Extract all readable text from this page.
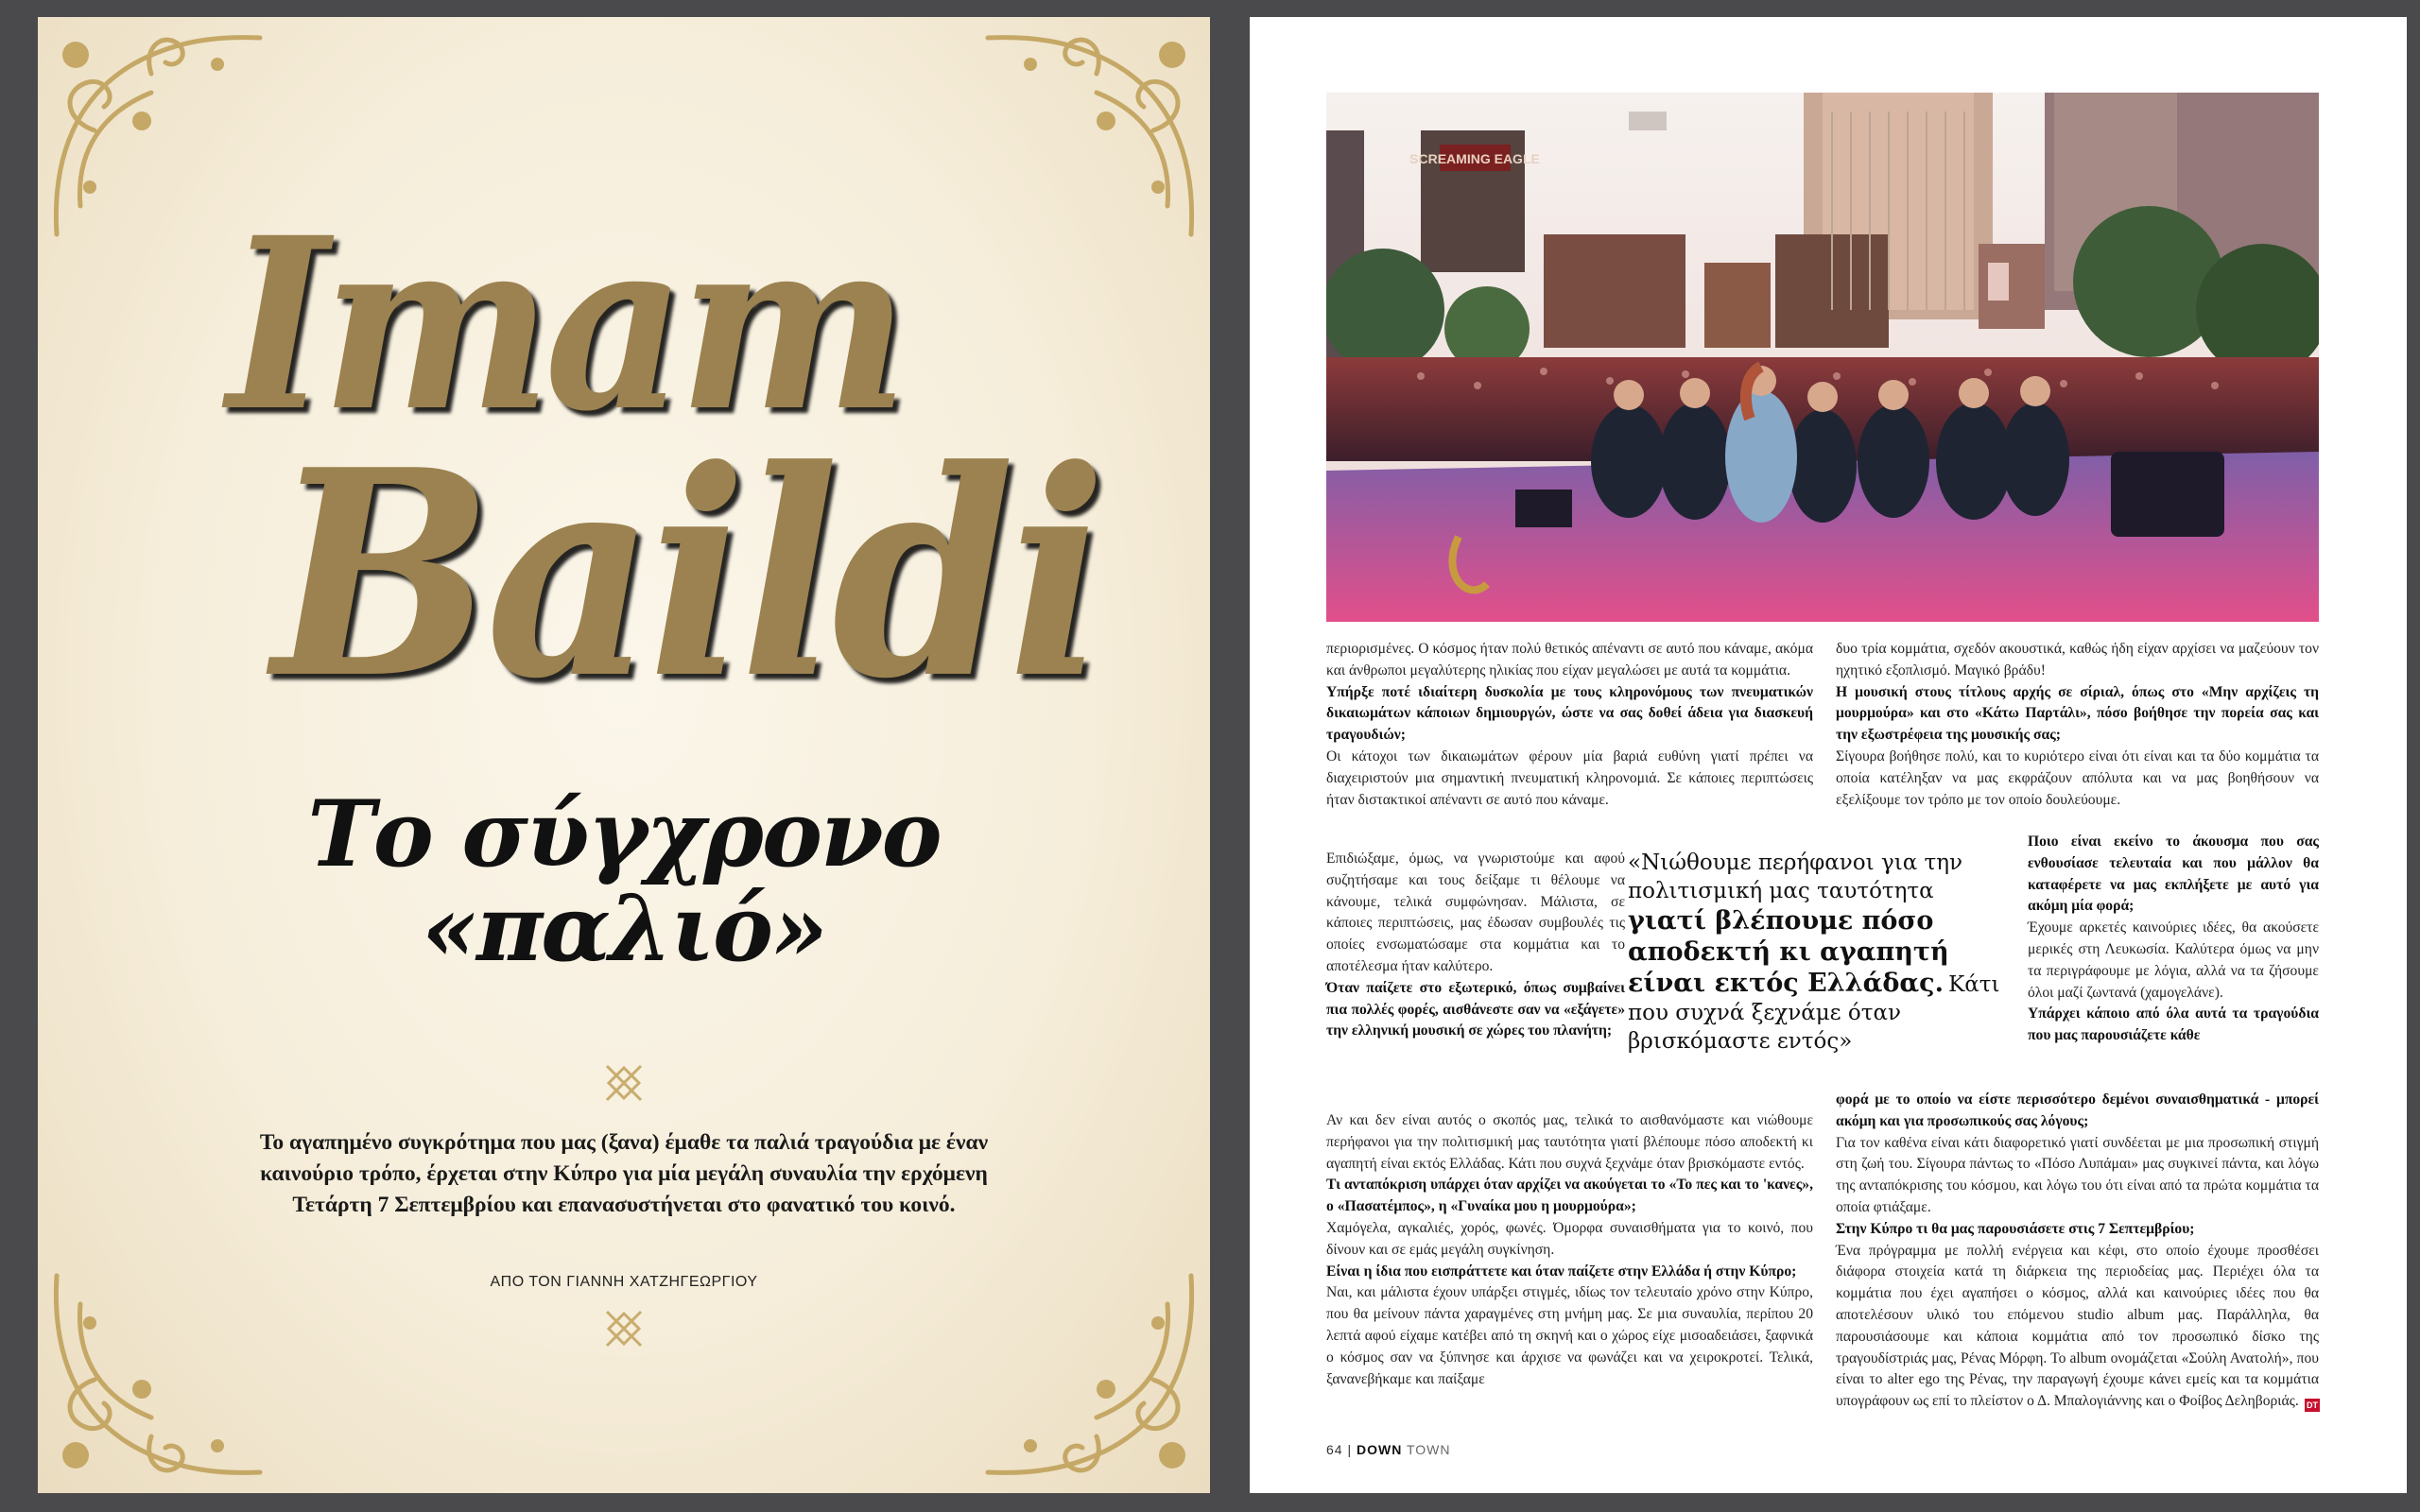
Imam
Baildi
Το σύγχρονο
«παλιό»
Το αγαπημένο συγκρότημα που μας (ξανα) έμαθε τα παλιά τραγούδια με έναν καινούριο τρόπο, έρχεται στην Κύπρο για μία μεγάλη συναυλία την ερχόμενη Τετάρτη 7 Σεπτεμβρίου και επανασυστήνεται στο φανατικό του κοινό.
ΑΠΟ ΤΟΝ ΓΙΑΝΝΗ ΧΑΤΖΗΓΕΩΡΓΙΟΥ
SCREAMING EAGLE

περιορισμένες. Ο κόσμος ήταν πολύ θετικός απέναντι σε αυτό που κάναμε, ακόμα και άνθρωποι μεγαλύτερης ηλικίας που είχαν μεγαλώσει με αυτά τα κομμάτια.

Υπήρξε ποτέ ιδιαίτερη δυσκολία με τους κληρονόμους των πνευματικών δικαιωμάτων κάποιων δημιουργών, ώστε να σας δοθεί άδεια για διασκευή τραγουδιών;

Οι κάτοχοι των δικαιωμάτων φέρουν μία βαριά ευθύνη γιατί πρέπει να διαχειριστούν μια σημαντική πνευματική κληρονομιά. Σε κάποιες περιπτώσεις ήταν διστακτικοί απέναντι σε αυτό που κάναμε.

Επιδιώξαμε, όμως, να γνωριστούμε και αφού συζητήσαμε και τους δείξαμε τι θέλουμε να κάνουμε, τελικά συμφώνησαν. Μάλιστα, σε κάποιες περιπτώσεις, μας έδωσαν συμβουλές τις οποίες ενσωματώσαμε στα κομμάτια και το αποτέλεσμα ήταν καλύτερο.

Όταν παίζετε στο εξωτερικό, όπως συμβαίνει πια πολλές φορές, αισθάνεστε σαν να «εξάγετε» την ελληνική μουσική σε χώρες του πλανήτη;

Αν και δεν είναι αυτός ο σκοπός μας, τελικά το αισθανόμαστε και νιώθουμε περήφανοι για την πολιτισμική μας ταυτότητα γιατί βλέπουμε πόσο αποδεκτή κι αγαπητή είναι εκτός Ελλάδας. Κάτι που συχνά ξεχνάμε όταν βρισκόμαστε εντός.

Τι ανταπόκριση υπάρχει όταν αρχίζει να ακούγεται το «Το πες και το 'κανες», ο «Πασατέμπος», η «Γυναίκα μου η μουρμούρα»;

Χαμόγελα, αγκαλιές, χορός, φωνές. Όμορφα συναισθήματα για το κοινό, που δίνουν και σε εμάς μεγάλη συγκίνηση.

Είναι η ίδια που εισπράττετε και όταν παίζετε στην Ελλάδα ή στην Κύπρο;

Ναι, και μάλιστα έχουν υπάρξει στιγμές, ιδίως τον τελευταίο χρόνο στην Κύπρο, που θα μείνουν πάντα χαραγμένες στη μνήμη μας. Σε μια συναυλία, περίπου 20 λεπτά αφού είχαμε κατέβει από τη σκηνή και ο χώρος είχε μισοαδειάσει, ξαφνικά ο κόσμος σαν να ξύπνησε και άρχισε να φωνάζει και να χειροκροτεί. Τελικά, ξανανεβήκαμε και παίξαμε

δυο τρία κομμάτια, σχεδόν ακουστικά, καθώς ήδη είχαν αρχίσει να μαζεύουν τον ηχητικό εξοπλισμό. Μαγικό βράδυ!

Η μουσική στους τίτλους αρχής σε σίριαλ, όπως στο «Μην αρχίζεις τη μουρμούρα» και στο «Κάτω Παρτάλι», πόσο βοήθησε την πορεία σας και την εξωστρέφεια της μουσικής σας;

Σίγουρα βοήθησε πολύ, και το κυριότερο είναι ότι είναι και τα δύο κομμάτια τα οποία κατέληξαν να μας εκφράζουν απόλυτα και να μας βοηθήσουν να εξελίξουμε τον τρόπο με τον οποίο δουλεύουμε.

«Νιώθουμε περήφανοι για την πολιτισμική μας ταυτότητα γιατί βλέπουμε πόσο αποδεκτή κι αγαπητή είναι εκτός Ελλάδας. Κάτι που συχνά ξεχνάμε όταν βρισκόμαστε εντός»

Ποιο είναι εκείνο το άκουσμα που σας ενθουσίασε τελευταία και που μάλλον θα καταφέρετε να μας εκπλήξετε με αυτό για ακόμη μία φορά;

Έχουμε αρκετές καινούριες ιδέες, θα ακούσετε μερικές στη Λευκωσία. Καλύτερα όμως να μην τα περιγράφουμε με λόγια, αλλά να τα ζήσουμε όλοι μαζί ζωντανά (χαμογελάνε).

Υπάρχει κάποιο από όλα αυτά τα τραγούδια που μας παρουσιάζετε κάθε

φορά με το οποίο να είστε περισσότερο δεμένοι συναισθηματικά - μπορεί ακόμη και για προσωπικούς σας λόγους;

Για τον καθένα είναι κάτι διαφορετικό γιατί συνδέεται με μια προσωπική στιγμή στη ζωή του. Σίγουρα πάντως το «Πόσο Λυπάμαι» μας συγκινεί πάντα, και λόγω της ανταπόκρισης του κόσμου, και λόγω του ότι είναι από τα πρώτα κομμάτια τα οποία φτιάξαμε.

Στην Κύπρο τι θα μας παρουσιάσετε στις 7 Σεπτεμβρίου;

Ένα πρόγραμμα με πολλή ενέργεια και κέφι, στο οποίο έχουμε προσθέσει διάφορα στοιχεία κατά τη διάρκεια της περιοδείας μας. Περιέχει όλα τα κομμάτια που έχει αγαπήσει ο κόσμος, αλλά και καινούριες ιδέες που θα αποτελέσουν υλικό του επόμενου studio album μας. Παράλληλα, θα παρουσιάσουμε και κάποια κομμάτια από τον προσωπικό δίσκο της τραγουδίστριάς μας, Ρένας Μόρφη. Το album ονομάζεται «Σούλη Ανατολή», που είναι το alter ego της Ρένας, την παραγωγή έχουμε κάνει εμείς και τα κομμάτια υπογράφουν ως επί το πλείστον ο Δ. Μπαλογιάννης και ο Φοίβος Δεληβοριάς. DT
64 | DOWN TOWN
